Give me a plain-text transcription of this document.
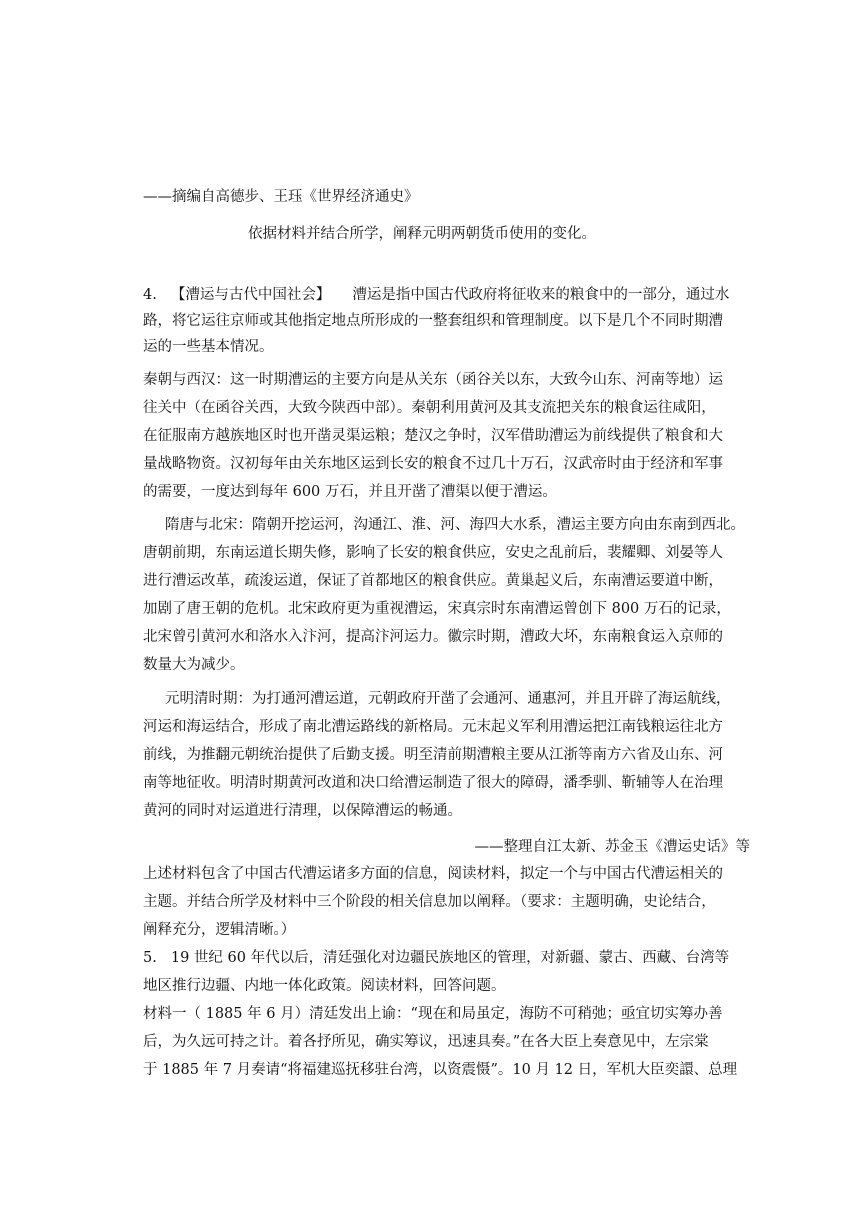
——摘编自高德步、王珏《世界经济通史》
依据材料并结合所学，阐释元明两朝货币使用的变化。
4. 【漕运与古代中国社会】 漕运是指中国古代政府将征收来的粮食中的一部分，通过水
路，将它运往京师或其他指定地点所形成的一整套组织和管理制度。以下是几个不同时期漕
运的一些基本情况。
秦朝与西汉：这一时期漕运的主要方向是从关东（函谷关以东，大致今山东、河南等地）运
往关中（在函谷关西，大致今陕西中部）。秦朝利用黄河及其支流把关东的粮食运往咸阳，
在征服南方越族地区时也开凿灵渠运粮；楚汉之争时，汉军借助漕运为前线提供了粮食和大
量战略物资。汉初每年由关东地区运到长安的粮食不过几十万石，汉武帝时由于经济和军事
的需要，一度达到每年 600 万石，并且开凿了漕渠以便于漕运。
隋唐与北宋：隋朝开挖运河，沟通江、淮、河、海四大水系，漕运主要方向由东南到西北。
唐朝前期，东南运道长期失修，影响了长安的粮食供应，安史之乱前后，裴耀卿、刘晏等人
进行漕运改革，疏浚运道，保证了首都地区的粮食供应。黄巢起义后，东南漕运要道中断，
加剧了唐王朝的危机。北宋政府更为重视漕运，宋真宗时东南漕运曾创下 800 万石的记录，
北宋曾引黄河水和洛水入汴河，提高汴河运力。徽宗时期，漕政大坏，东南粮食运入京师的
数量大为减少。
元明清时期：为打通河漕运道，元朝政府开凿了会通河、通惠河，并且开辟了海运航线，
河运和海运结合，形成了南北漕运路线的新格局。元末起义军利用漕运把江南钱粮运往北方
前线，为推翻元朝统治提供了后勤支援。明至清前期漕粮主要从江浙等南方六省及山东、河
南等地征收。明清时期黄河改道和决口给漕运制造了很大的障碍，潘季驯、靳辅等人在治理
黄河的同时对运道进行清理，以保障漕运的畅通。
——整理自江太新、苏金玉《漕运史话》等
上述材料包含了中国古代漕运诸多方面的信息，阅读材料，拟定一个与中国古代漕运相关的
主题。并结合所学及材料中三个阶段的相关信息加以阐释。（要求：主题明确，史论结合，
阐释充分，逻辑清晰。）
5. 19 世纪 60 年代以后，清廷强化对边疆民族地区的管理，对新疆、蒙古、西藏、台湾等
地区推行边疆、内地一体化政策。阅读材料，回答问题。
材料一（ 1885 年 6 月）清廷发出上谕：“现在和局虽定，海防不可稍弛；亟宜切实筹办善
后，为久远可持之计。着各抒所见，确实筹议，迅速具奏。”在各大臣上奏意见中，左宗棠
于 1885 年 7 月奏请“将福建巡抚移驻台湾，以资震慑”。10 月 12 日，军机大臣奕譞、总理
